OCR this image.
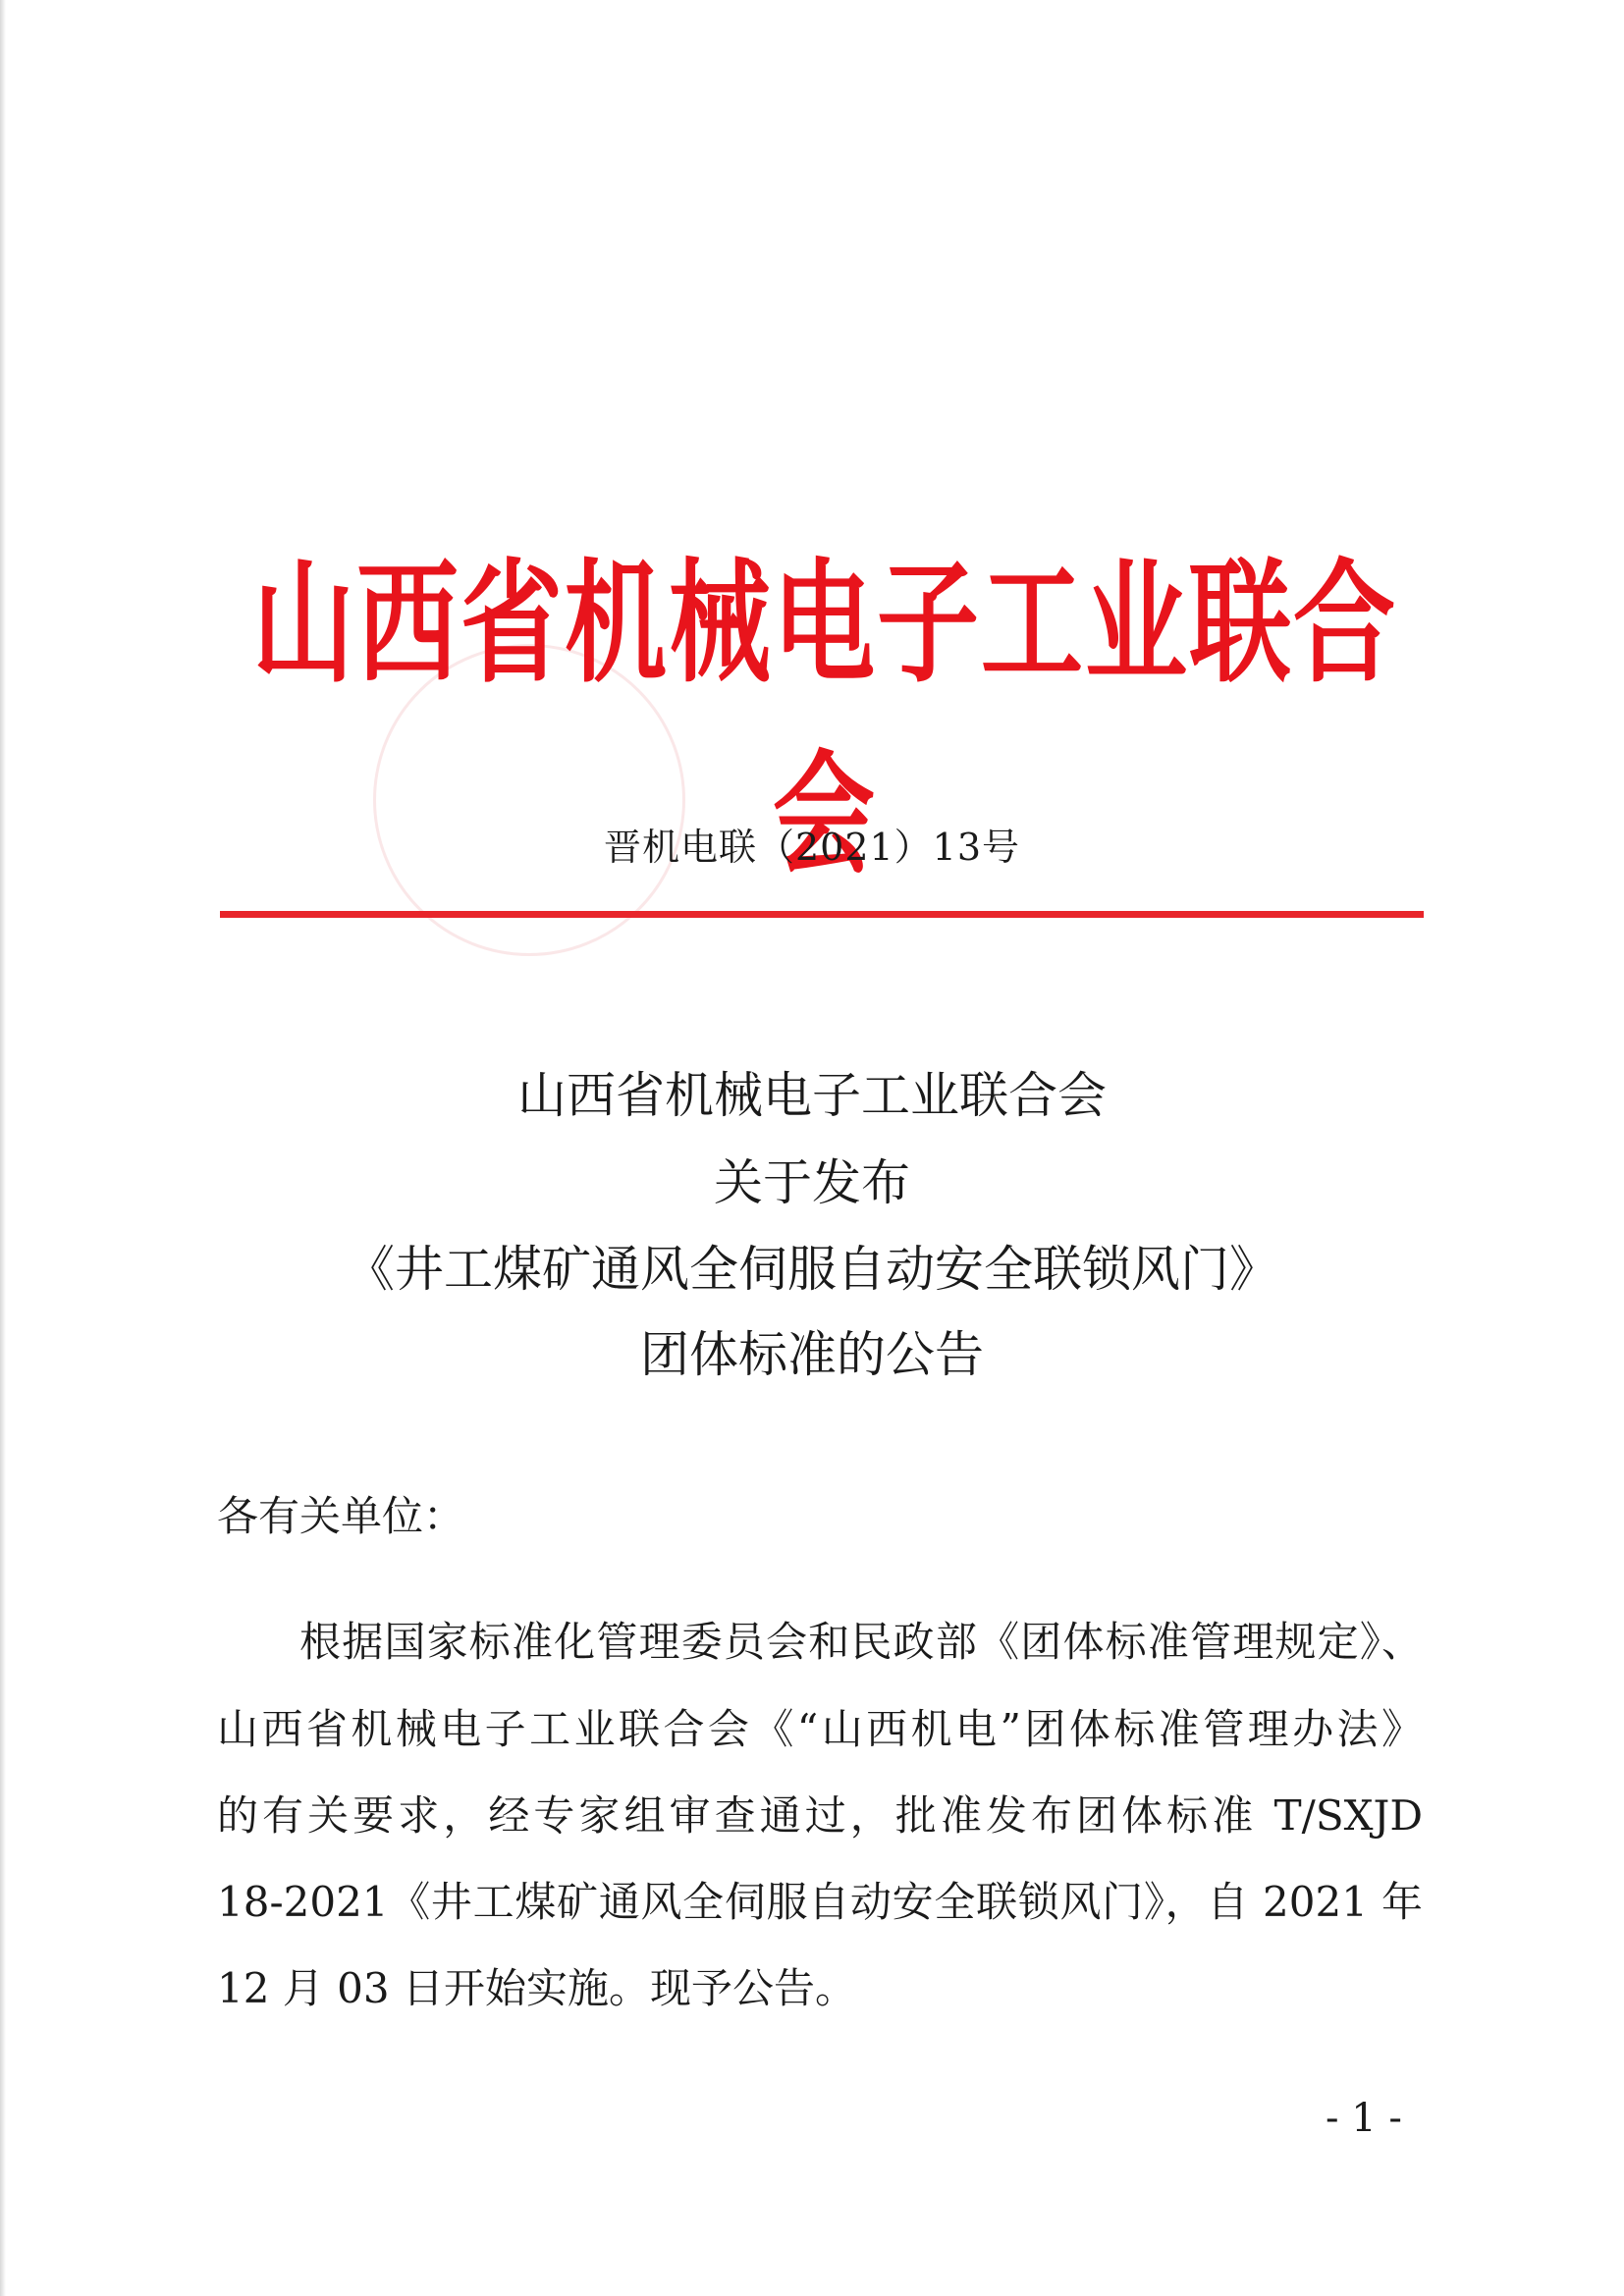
山西省机械电子工业联合会
晋机电联（2021）13号
山西省机械电子工业联合会
关于发布
《井工煤矿通风全伺服自动安全联锁风门》
团体标准的公告
各有关单位：
根据国家标准化管理委员会和民政部《团体标准管理规定》、
山西省机械电子工业联合会《“山西机电”团体标准管理办法》
的有关要求，经专家组审查通过，批准发布团体标准 T/SXJD
18-2021《井工煤矿通风全伺服自动安全联锁风门》，自 2021 年
12 月 03 日开始实施。现予公告。
- 1 -
